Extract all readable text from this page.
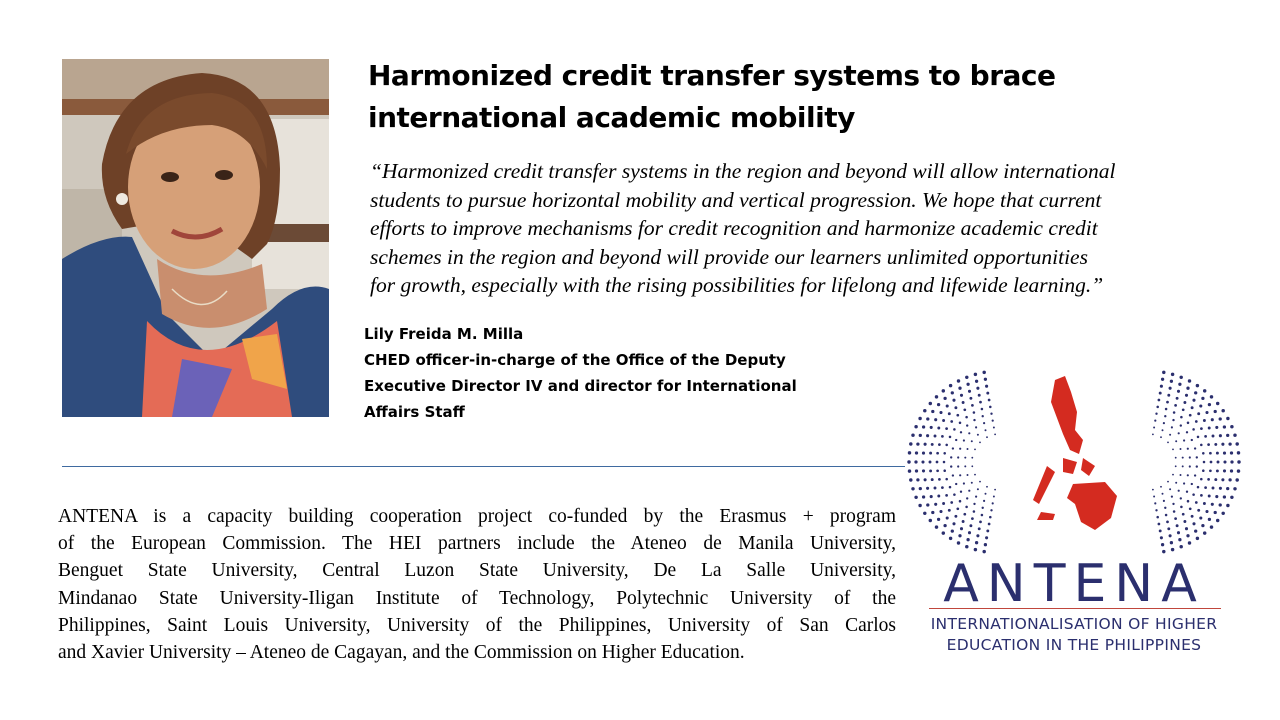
Harmonized credit transfer systems to brace
international academic mobility

“Harmonized credit transfer systems in the region and beyond will allow international
students to pursue horizontal mobility and vertical progression. We hope that current
efforts to improve mechanisms for credit recognition and harmonize academic credit
schemes in the region and beyond will provide our learners unlimited opportunities
for growth, especially with the rising possibilities for lifelong and lifewide learning.”

Lily Freida M. Milla
CHED officer-in-charge of the Office of the Deputy
Executive Director IV and director for International
Affairs Staff

ANTENA is a capacity building cooperation project co-funded by the Erasmus + program
of the European Commission. The HEI partners include the Ateneo de Manila University,
Benguet State University, Central Luzon State University, De La Salle University,
Mindanao State University-Iligan Institute of Technology, Polytechnic University of the
Philippines, Saint Louis University, University of the Philippines, University of San Carlos
and Xavier University – Ateneo de Cagayan, and the Commission on Higher Education.

ANTENA
INTERNATIONALISATION OF HIGHER
EDUCATION IN THE PHILIPPINES
